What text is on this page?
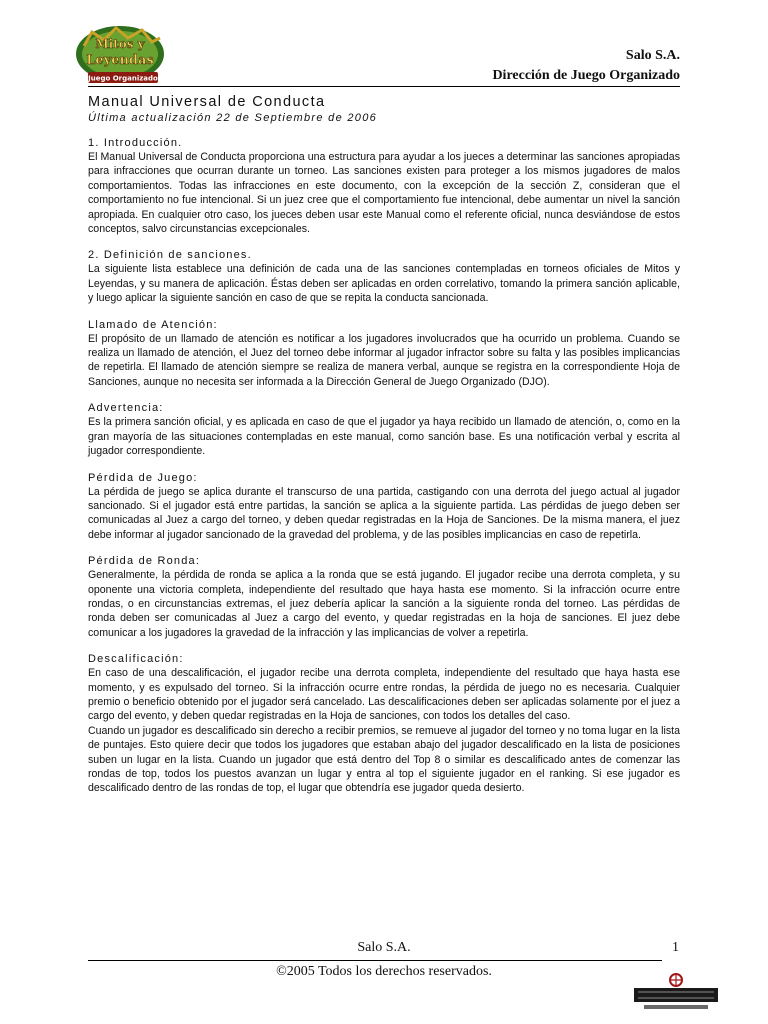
Mitos y
Leyendas
Juego Organizado
Salo S.A.
Dirección de Juego Organizado
Manual Universal de Conducta

Última actualización 22 de Septiembre de 2006

1. Introducción.

El Manual Universal de Conducta proporciona una estructura para ayudar a los jueces a determinar las sanciones apropiadas para infracciones que ocurran durante un torneo. Las sanciones existen para proteger a los mismos jugadores de malos comportamientos. Todas las infracciones en este documento, con la excepción de la sección Z, consideran que el comportamiento no fue intencional. Si un juez cree que el comportamiento fue intencional, debe aumentar un nivel la sanción apropiada. En cualquier otro caso, los jueces deben usar este Manual como el referente oficial, nunca desviándose de estos conceptos, salvo circunstancias excepcionales.

2. Definición de sanciones.

La siguiente lista establece una definición de cada una de las sanciones contempladas en torneos oficiales de Mitos y Leyendas, y su manera de aplicación. Éstas deben ser aplicadas en orden correlativo, tomando la primera sanción aplicable, y luego aplicar la siguiente sanción en caso de que se repita la conducta sancionada.

Llamado de Atención:

El propósito de un llamado de atención es notificar a los jugadores involucrados que ha ocurrido un problema. Cuando se realiza un llamado de atención, el Juez del torneo debe informar al jugador infractor sobre su falta y las posibles implicancias de repetirla. El llamado de atención siempre se realiza de manera verbal, aunque se registra en la correspondiente Hoja de Sanciones, aunque no necesita ser informada a la Dirección General de Juego Organizado (DJO).

Advertencia:

Es la primera sanción oficial, y es aplicada en caso de que el jugador ya haya recibido un llamado de atención, o, como en la gran mayoría de las situaciones contempladas en este manual, como sanción base. Es una notificación verbal y escrita al jugador correspondiente.

Pérdida de Juego:

La pérdida de juego se aplica durante el transcurso de una partida, castigando con una derrota del juego actual al jugador sancionado. Si el jugador está entre partidas, la sanción se aplica a la siguiente partida. Las pérdidas de juego deben ser comunicadas al Juez a cargo del torneo, y deben quedar registradas en la Hoja de Sanciones. De la misma manera, el juez debe informar al jugador sancionado de la gravedad del problema, y de las posibles implicancias en caso de repetirla.

Pérdida de Ronda:

Generalmente, la pérdida de ronda se aplica a la ronda que se está jugando. El jugador recibe una derrota completa, y su oponente una victoria completa, independiente del resultado que haya hasta ese momento. Si la infracción ocurre entre rondas, o en circunstancias extremas, el juez debería aplicar la sanción a la siguiente ronda del torneo. Las pérdidas de ronda deben ser comunicadas al Juez a cargo del evento, y quedar registradas en la hoja de sanciones. El juez debe comunicar a los jugadores la gravedad de la infracción y las implicancias de volver a repetirla.

Descalificación:

En caso de una descalificación, el jugador recibe una derrota completa, independiente del resultado que haya hasta ese momento, y es expulsado del torneo. Si la infracción ocurre entre rondas, la pérdida de juego no es necesaria. Cualquier premio o beneficio obtenido por el jugador será cancelado. Las descalificaciones deben ser aplicadas solamente por el juez a cargo del evento, y deben quedar registradas en la Hoja de sanciones, con todos los detalles del caso.

Cuando un jugador es descalificado sin derecho a recibir premios, se remueve al jugador del torneo y no toma lugar en la lista de puntajes. Esto quiere decir que todos los jugadores que estaban abajo del jugador descalificado en la lista de posiciones suben un lugar en la lista. Cuando un jugador que está dentro del Top 8 o similar es descalificado antes de comenzar las rondas de top, todos los puestos avanzan un lugar y entra al top el siguiente jugador en el ranking. Si ese jugador es descalificado dentro de las rondas de top, el lugar que obtendría ese jugador queda desierto.

Salo S.A.	1
©2005 Todos los derechos reservados.
